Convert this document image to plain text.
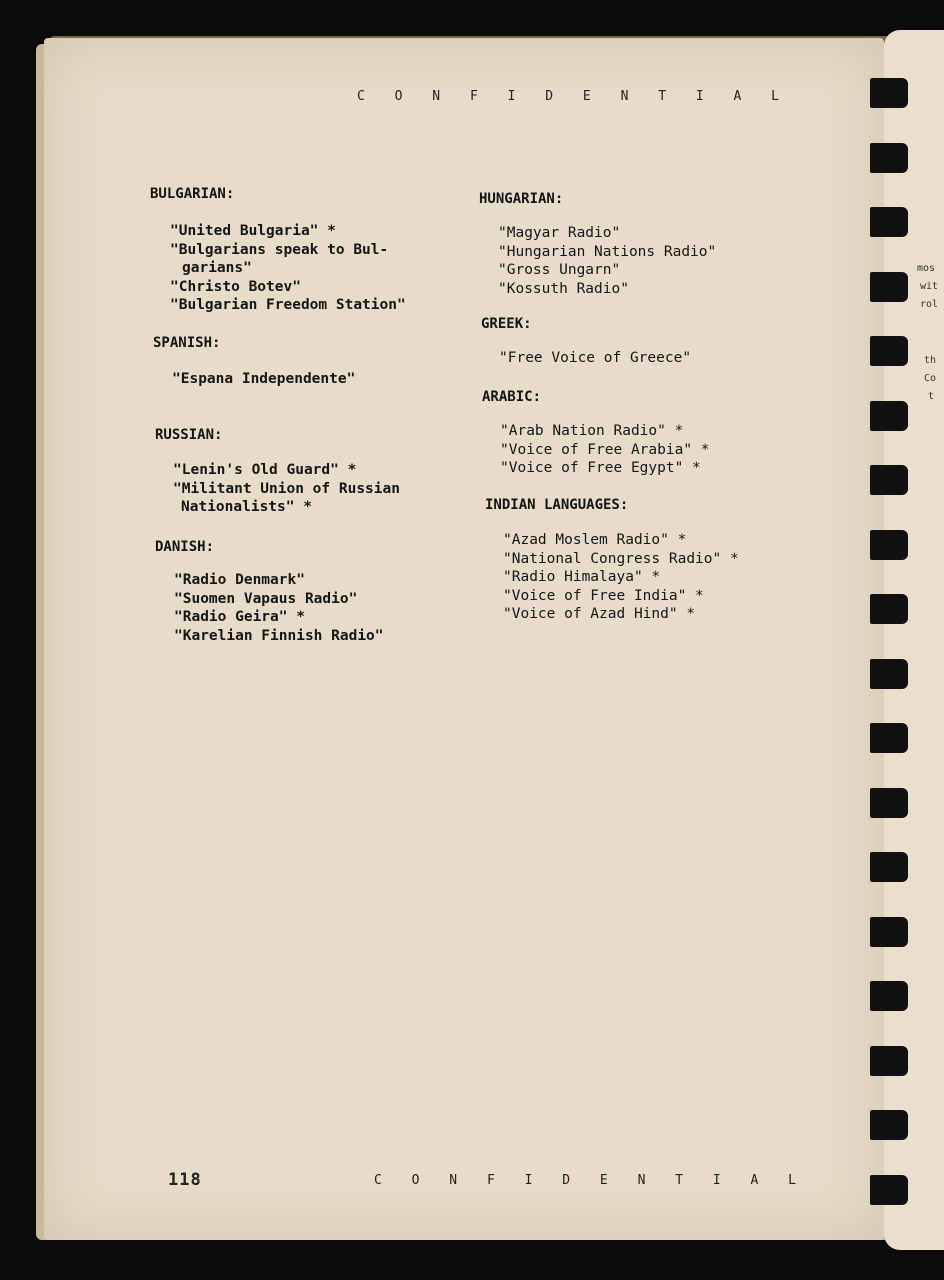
mos
wit
rol
th
Co
t
C O N F I D E N T I A L
BULGARIAN:
"United Bulgaria" *
"Bulgarians speak to Bul-
garians"
"Christo Botev"
"Bulgarian Freedom Station"
SPANISH:
"Espana Independente"
RUSSIAN:
"Lenin's Old Guard" *
"Militant Union of Russian
Nationalists" *
DANISH:
"Radio Denmark"
"Suomen Vapaus Radio"
"Radio Geira" *
"Karelian Finnish Radio"
HUNGARIAN:
"Magyar Radio"
"Hungarian Nations Radio"
"Gross Ungarn"
"Kossuth Radio"
GREEK:
"Free Voice of Greece"
ARABIC:
"Arab Nation Radio" *
"Voice of Free Arabia" *
"Voice of Free Egypt" *
INDIAN LANGUAGES:
"Azad Moslem Radio" *
"National Congress Radio" *
"Radio Himalaya" *
"Voice of Free India" *
"Voice of Azad Hind" *
118	C O N F I D E N T I A L
